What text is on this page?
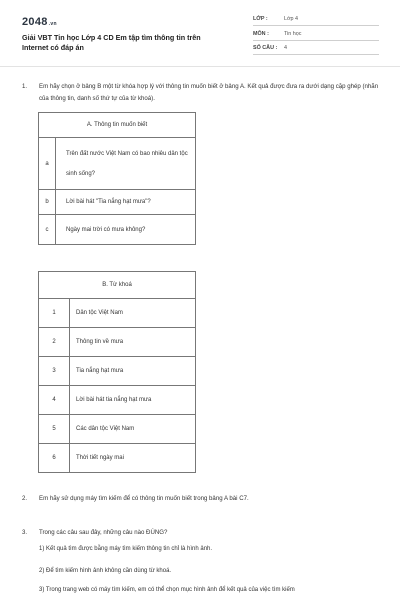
2048.vn
Giải VBT Tin học Lớp 4 CD Em tập tìm thông tin trên Internet có đáp án
LỚP :	Lớp 4
MÔN :	Tin học
SỐ CÂU : 4
1. Em hãy chọn ở bảng B một từ khóa hợp lý với thông tin muốn biết ở bảng A. Kết quả được đưa ra dưới dạng cặp ghép (nhãn của thông tin, danh số thứ tự của từ khoá).
A. Thông tin muốn biết	
a	Trên đất nước Việt Nam có bao nhiêu dân tộc sinh sống?
b	Lời bài hát "Tia nắng hạt mưa"?
c	Ngày mai trời có mưa không?
B. Từ khoá	
1	Dân tộc Việt Nam
2	Thông tin về mưa
3	Tia nắng hạt mưa
4	Lời bài hát tia nắng hạt mưa
5	Các dân tộc Việt Nam
6	Thời tiết ngày mai
2. Em hãy sử dụng máy tìm kiếm để có thông tin muốn biết trong bảng A bài C7.
3. Trong các câu sau đây, những câu nào ĐÚNG?
1) Kết quả tìm được bằng máy tìm kiếm thông tin chỉ là hình ảnh.
2) Để tìm kiếm hình ảnh không cần dùng từ khoá.
3) Trong trang web có máy tìm kiếm, em có thể chọn mục hình ảnh để kết quả của việc tìm kiếm
